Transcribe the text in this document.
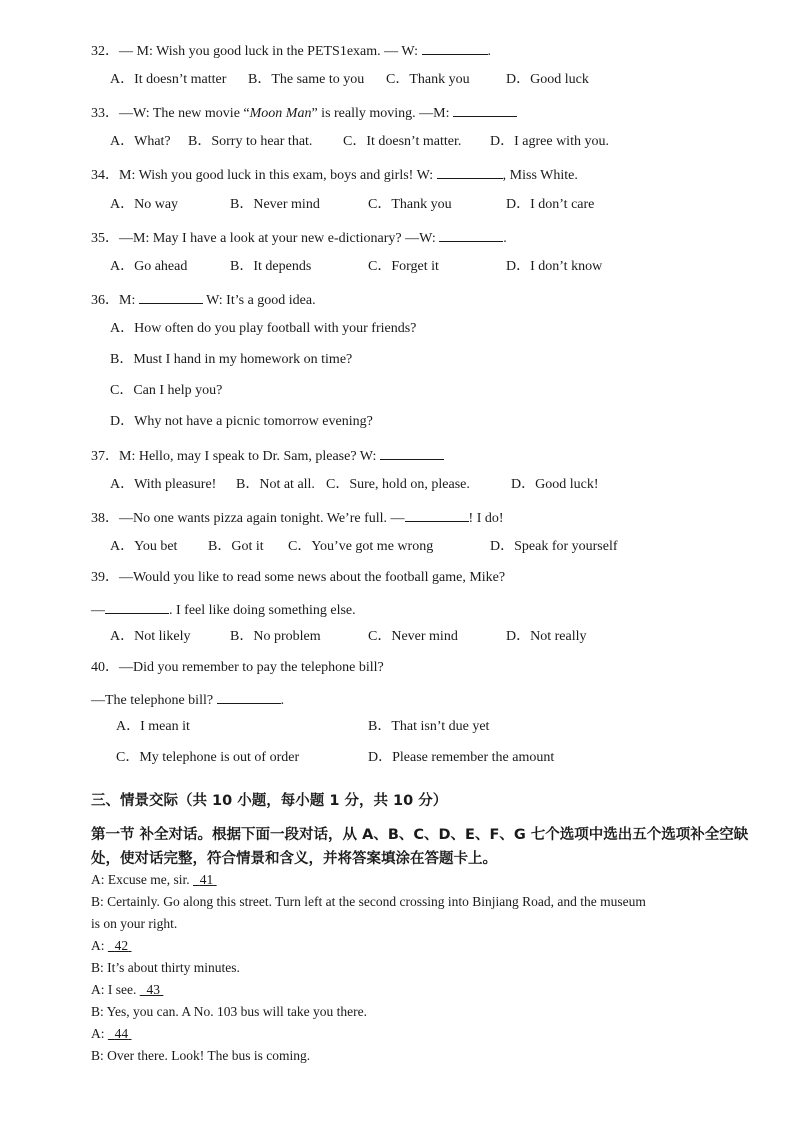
32．— M: Wish you good luck in the PETS1exam. — W:	.
A．It doesn’t matter B．The same to you C．Thank you	D．Good luck
33．—W: The new movie “Moon Man” is really moving. —M:
A．What? B．Sorry to hear that. C．It doesn’t matter. D．I agree with you.
34．M: Wish you good luck in this exam, boys and girls! W:	, Miss White.
A．No way	B．Never mind	C．Thank you	D．I don’t care
35．—M: May I have a look at your new e-dictionary? —W:	.
A．Go ahead	B．It depends	C．Forget it	D．I don’t know
36．M:	W: It’s a good idea.
A．How often do you play football with your friends?
B．Must I hand in my homework on time?
C．Can I help you?
D．Why not have a picnic tomorrow evening?
37．M: Hello, may I speak to Dr. Sam, please? W:
A．With pleasure! B．Not at all. C．Sure, hold on, please.	D．Good luck!
38．—No one wants pizza again tonight. We’re full. —	! I do!
A．You bet B．Got it C．You’ve got me wrong	D．Speak for yourself
39．—Would you like to read some news about the football game, Mike?
—	. I feel like doing something else.
A．Not likely	B．No problem	C．Never mind	D．Not really
40．—Did you remember to pay the telephone bill?
—The telephone bill?	.
A．I mean it	B．That isn’t due yet
C．My telephone is out of order	D．Please remember the amount
三、情景交际（共 10 小题，每小题 1 分，共 10 分）
第一节 补全对话。根据下面一段对话，从 A、B、C、D、E、F、G 七个选项中选出五个选项补全空缺处，使对话完整，符合情景和含义，并将答案填涂在答题卡上。
A: Excuse me, sir.   41
B: Certainly. Go along this street. Turn left at the second crossing into Binjiang Road, and the museum
is on your right.
A:   42
B: It’s about thirty minutes.
A: I see.   43
B: Yes, you can. A No. 103 bus will take you there.
A:   44
B: Over there. Look! The bus is coming.
